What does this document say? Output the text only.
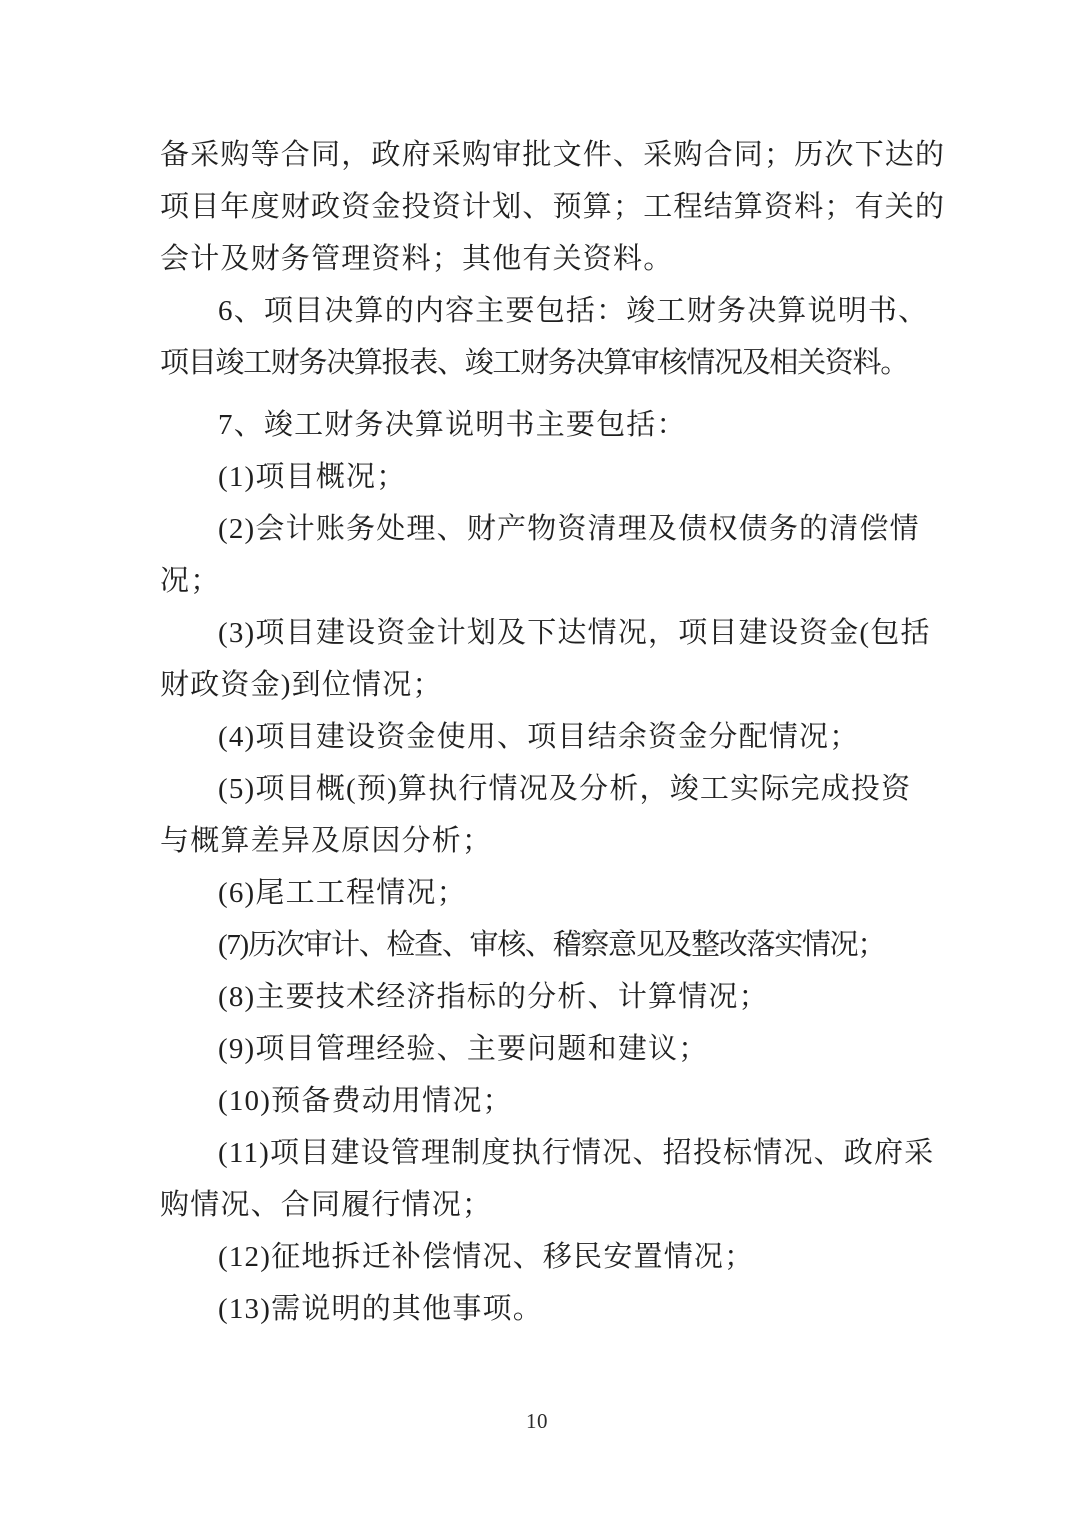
备采购等合同，政府采购审批文件、采购合同；历次下达的
项目年度财政资金投资计划、预算；工程结算资料；有关的
会计及财务管理资料；其他有关资料。
6、项目决算的内容主要包括：竣工财务决算说明书、
项目竣工财务决算报表、竣工财务决算审核情况及相关资料。
7、竣工财务决算说明书主要包括：
(1)项目概况；
(2)会计账务处理、财产物资清理及债权债务的清偿情
况；
(3)项目建设资金计划及下达情况，项目建设资金(包括
财政资金)到位情况；
(4)项目建设资金使用、项目结余资金分配情况；
(5)项目概(预)算执行情况及分析，竣工实际完成投资
与概算差异及原因分析；
(6)尾工工程情况；
(7)历次审计、检查、审核、稽察意见及整改落实情况；
(8)主要技术经济指标的分析、计算情况；
(9)项目管理经验、主要问题和建议；
(10)预备费动用情况；
(11)项目建设管理制度执行情况、招投标情况、政府采
购情况、合同履行情况；
(12)征地拆迁补偿情况、移民安置情况；
(13)需说明的其他事项。
10
